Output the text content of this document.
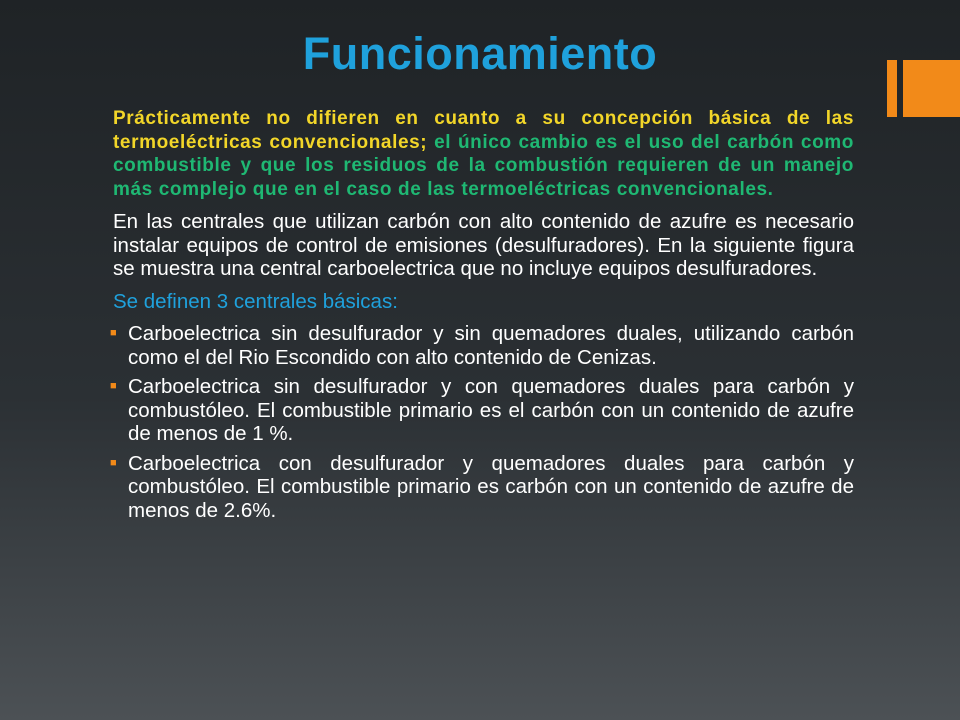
Funcionamiento

Prácticamente no difieren en cuanto a su concepción básica de las termoeléctricas convencionales; el único cambio es el uso del carbón como combustible y que los residuos de la combustión requieren de un manejo más complejo que en el caso de las termoeléctricas convencionales.

En las centrales que utilizan carbón con alto contenido de azufre es necesario instalar equipos de control de emisiones (desulfuradores). En la siguiente figura se muestra una central carboelectrica que no incluye equipos desulfuradores.

Se definen 3 centrales básicas:
■ Carboelectrica sin desulfurador y sin quemadores duales, utilizando carbón como el del Rio Escondido con alto contenido de Cenizas.
■ Carboelectrica sin desulfurador y con quemadores duales para carbón y combustóleo. El combustible primario es el carbón con un contenido de azufre de menos de 1 %.
■ Carboelectrica con desulfurador y quemadores duales para carbón y combustóleo. El combustible primario es carbón con un contenido de azufre de menos de 2.6%.
